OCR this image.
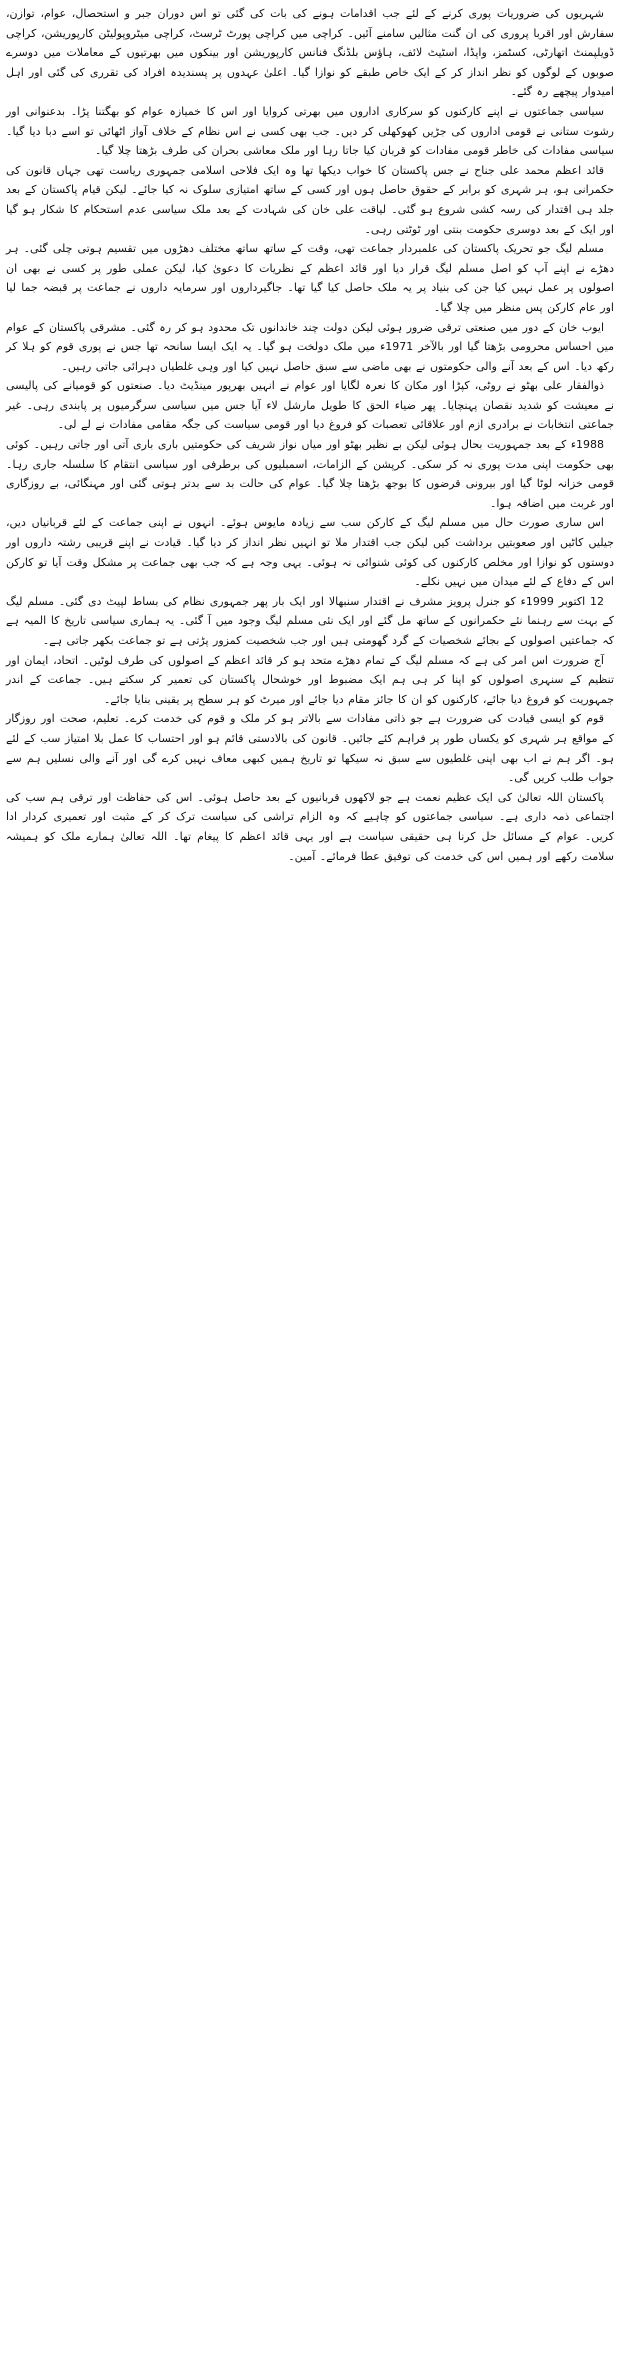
شہریوں کی ضروریات پوری کرنے کے لئے جب اقدامات ہونے کی بات کی گئی تو اس دوران جبر و استحصال، عوام، توازن، سفارش اور اقربا پروری کی ان گنت مثالیں سامنے آئیں۔ کراچی میں کراچی پورٹ ٹرسٹ، کراچی میٹروپولیٹن کارپوریشن، کراچی ڈویلپمنٹ اتھارٹی، کسٹمز، واپڈا، اسٹیٹ لائف، ہاؤس بلڈنگ فنانس کارپوریشن اور بینکوں میں بھرتیوں کے معاملات میں دوسرے صوبوں کے لوگوں کو نظر انداز کر کے ایک خاص طبقے کو نوازا گیا۔ اعلیٰ عہدوں پر پسندیدہ افراد کی تقرری کی گئی اور اہل امیدوار پیچھے رہ گئے۔

سیاسی جماعتوں نے اپنے کارکنوں کو سرکاری اداروں میں بھرتی کروایا اور اس کا خمیازہ عوام کو بھگتنا پڑا۔ بدعنوانی اور رشوت ستانی نے قومی اداروں کی جڑیں کھوکھلی کر دیں۔ جب بھی کسی نے اس نظام کے خلاف آواز اٹھائی تو اسے دبا دیا گیا۔ سیاسی مفادات کی خاطر قومی مفادات کو قربان کیا جاتا رہا اور ملک معاشی بحران کی طرف بڑھتا چلا گیا۔

قائد اعظم محمد علی جناح نے جس پاکستان کا خواب دیکھا تھا وہ ایک فلاحی اسلامی جمہوری ریاست تھی جہاں قانون کی حکمرانی ہو، ہر شہری کو برابر کے حقوق حاصل ہوں اور کسی کے ساتھ امتیازی سلوک نہ کیا جائے۔ لیکن قیام پاکستان کے بعد جلد ہی اقتدار کی رسہ کشی شروع ہو گئی۔ لیاقت علی خان کی شہادت کے بعد ملک سیاسی عدم استحکام کا شکار ہو گیا اور ایک کے بعد دوسری حکومت بنتی اور ٹوٹتی رہی۔

مسلم لیگ جو تحریک پاکستان کی علمبردار جماعت تھی، وقت کے ساتھ ساتھ مختلف دھڑوں میں تقسیم ہوتی چلی گئی۔ ہر دھڑے نے اپنے آپ کو اصل مسلم لیگ قرار دیا اور قائد اعظم کے نظریات کا دعویٰ کیا، لیکن عملی طور پر کسی نے بھی ان اصولوں پر عمل نہیں کیا جن کی بنیاد پر یہ ملک حاصل کیا گیا تھا۔ جاگیرداروں اور سرمایہ داروں نے جماعت پر قبضہ جما لیا اور عام کارکن پس منظر میں چلا گیا۔

ایوب خان کے دور میں صنعتی ترقی ضرور ہوئی لیکن دولت چند خاندانوں تک محدود ہو کر رہ گئی۔ مشرقی پاکستان کے عوام میں احساس محرومی بڑھتا گیا اور بالآخر 1971ء میں ملک دولخت ہو گیا۔ یہ ایک ایسا سانحہ تھا جس نے پوری قوم کو ہلا کر رکھ دیا۔ اس کے بعد آنے والی حکومتوں نے بھی ماضی سے سبق حاصل نہیں کیا اور وہی غلطیاں دہرائی جاتی رہیں۔

ذوالفقار علی بھٹو نے روٹی، کپڑا اور مکان کا نعرہ لگایا اور عوام نے انہیں بھرپور مینڈیٹ دیا۔ صنعتوں کو قومیانے کی پالیسی نے معیشت کو شدید نقصان پہنچایا۔ پھر ضیاء الحق کا طویل مارشل لاء آیا جس میں سیاسی سرگرمیوں پر پابندی رہی۔ غیر جماعتی انتخابات نے برادری ازم اور علاقائی تعصبات کو فروغ دیا اور قومی سیاست کی جگہ مقامی مفادات نے لے لی۔

1988ء کے بعد جمہوریت بحال ہوئی لیکن بے نظیر بھٹو اور میاں نواز شریف کی حکومتیں باری باری آتی اور جاتی رہیں۔ کوئی بھی حکومت اپنی مدت پوری نہ کر سکی۔ کرپشن کے الزامات، اسمبلیوں کی برطرفی اور سیاسی انتقام کا سلسلہ جاری رہا۔ قومی خزانہ لوٹا گیا اور بیرونی قرضوں کا بوجھ بڑھتا چلا گیا۔ عوام کی حالت بد سے بدتر ہوتی گئی اور مہنگائی، بے روزگاری اور غربت میں اضافہ ہوا۔

اس ساری صورت حال میں مسلم لیگ کے کارکن سب سے زیادہ مایوس ہوئے۔ انہوں نے اپنی جماعت کے لئے قربانیاں دیں، جیلیں کاٹیں اور صعوبتیں برداشت کیں لیکن جب اقتدار ملا تو انہیں نظر انداز کر دیا گیا۔ قیادت نے اپنے قریبی رشتہ داروں اور دوستوں کو نوازا اور مخلص کارکنوں کی کوئی شنوائی نہ ہوئی۔ یہی وجہ ہے کہ جب بھی جماعت پر مشکل وقت آیا تو کارکن اس کے دفاع کے لئے میدان میں نہیں نکلے۔

12 اکتوبر 1999ء کو جنرل پرویز مشرف نے اقتدار سنبھالا اور ایک بار پھر جمہوری نظام کی بساط لپیٹ دی گئی۔ مسلم لیگ کے بہت سے رہنما نئے حکمرانوں کے ساتھ مل گئے اور ایک نئی مسلم لیگ وجود میں آ گئی۔ یہ ہماری سیاسی تاریخ کا المیہ ہے کہ جماعتیں اصولوں کے بجائے شخصیات کے گرد گھومتی ہیں اور جب شخصیت کمزور پڑتی ہے تو جماعت بکھر جاتی ہے۔

آج ضرورت اس امر کی ہے کہ مسلم لیگ کے تمام دھڑے متحد ہو کر قائد اعظم کے اصولوں کی طرف لوٹیں۔ اتحاد، ایمان اور تنظیم کے سنہری اصولوں کو اپنا کر ہی ہم ایک مضبوط اور خوشحال پاکستان کی تعمیر کر سکتے ہیں۔ جماعت کے اندر جمہوریت کو فروغ دیا جائے، کارکنوں کو ان کا جائز مقام دیا جائے اور میرٹ کو ہر سطح پر یقینی بنایا جائے۔

قوم کو ایسی قیادت کی ضرورت ہے جو ذاتی مفادات سے بالاتر ہو کر ملک و قوم کی خدمت کرے۔ تعلیم، صحت اور روزگار کے مواقع ہر شہری کو یکساں طور پر فراہم کئے جائیں۔ قانون کی بالادستی قائم ہو اور احتساب کا عمل بلا امتیاز سب کے لئے ہو۔ اگر ہم نے اب بھی اپنی غلطیوں سے سبق نہ سیکھا تو تاریخ ہمیں کبھی معاف نہیں کرے گی اور آنے والی نسلیں ہم سے جواب طلب کریں گی۔

پاکستان اللہ تعالیٰ کی ایک عظیم نعمت ہے جو لاکھوں قربانیوں کے بعد حاصل ہوئی۔ اس کی حفاظت اور ترقی ہم سب کی اجتماعی ذمہ داری ہے۔ سیاسی جماعتوں کو چاہیے کہ وہ الزام تراشی کی سیاست ترک کر کے مثبت اور تعمیری کردار ادا کریں۔ عوام کے مسائل حل کرنا ہی حقیقی سیاست ہے اور یہی قائد اعظم کا پیغام تھا۔ اللہ تعالیٰ ہمارے ملک کو ہمیشہ سلامت رکھے اور ہمیں اس کی خدمت کی توفیق عطا فرمائے۔ آمین۔
